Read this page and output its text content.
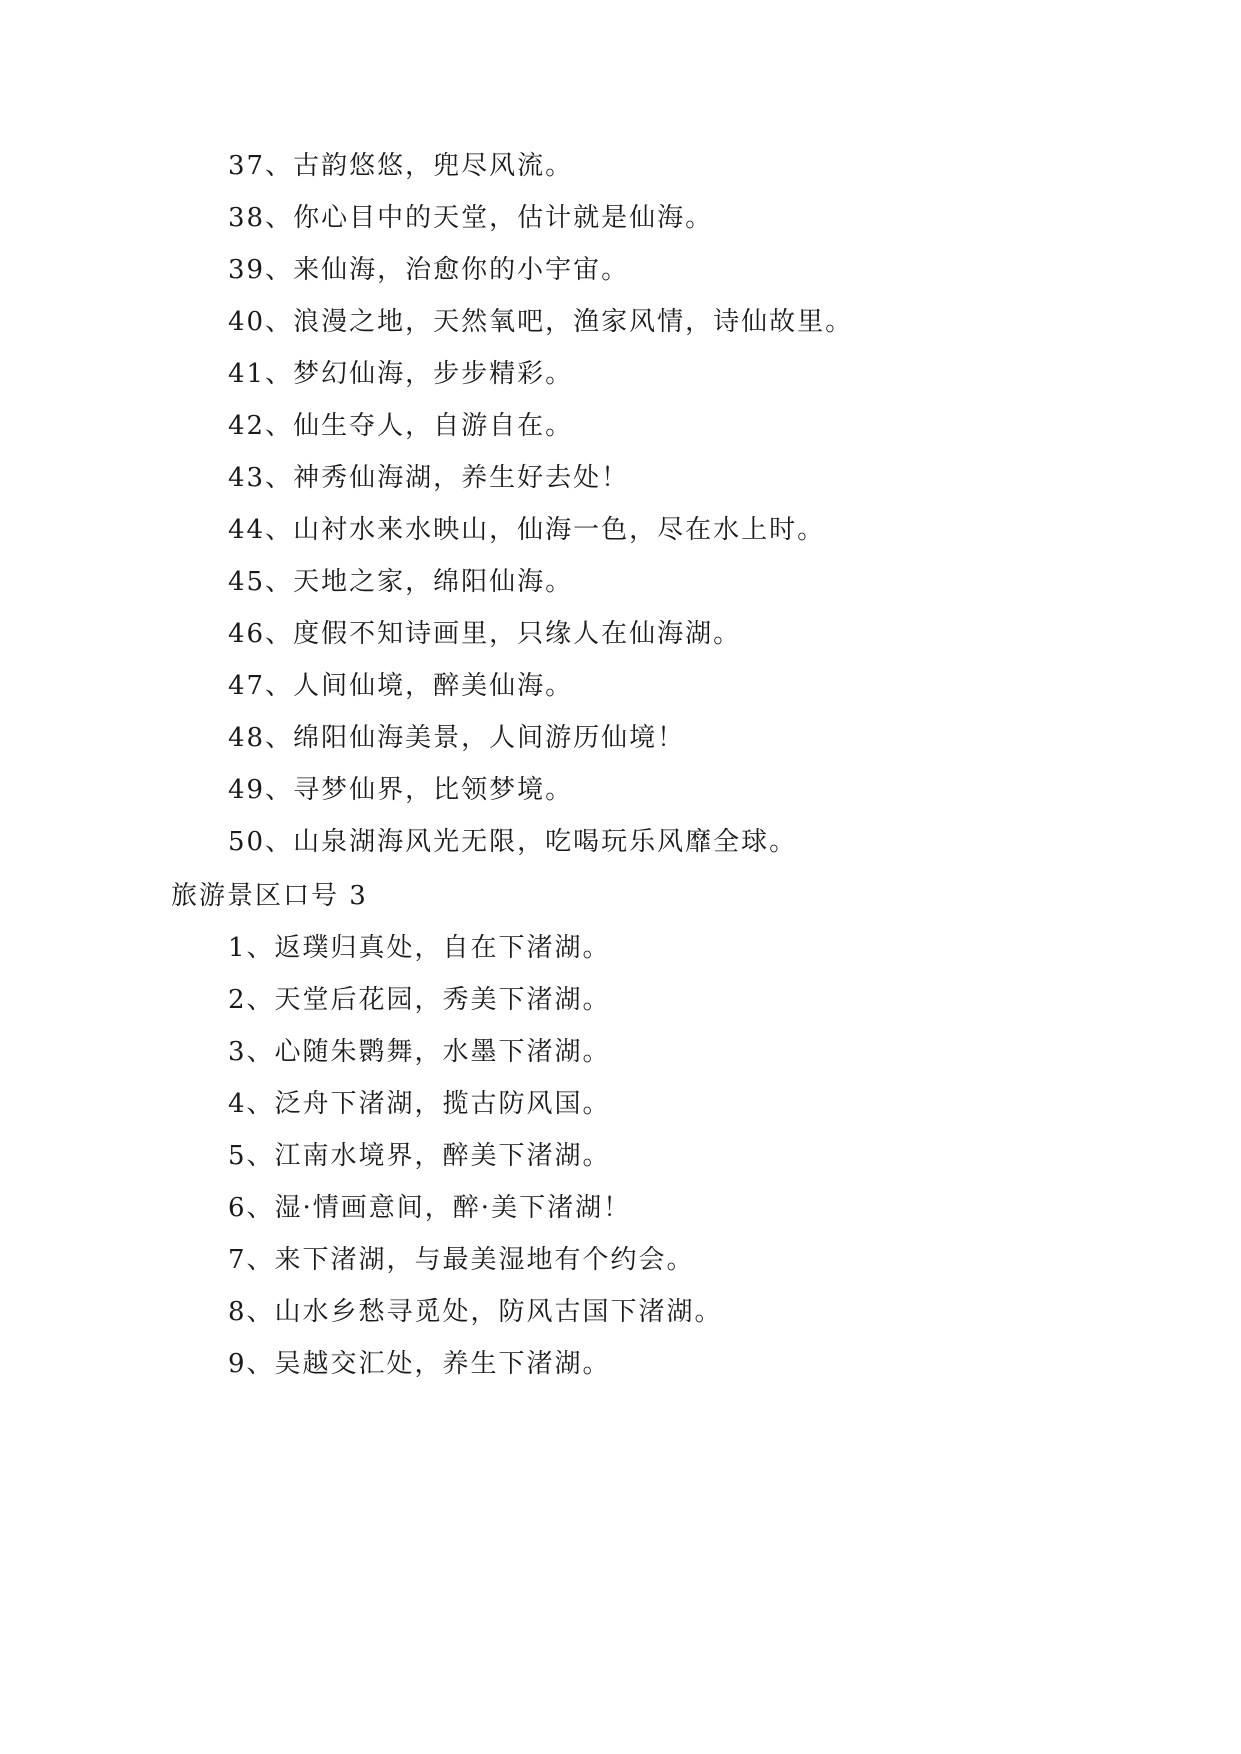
37、古韵悠悠，兜尽风流。
38、你心目中的天堂，估计就是仙海。
39、来仙海，治愈你的小宇宙。
40、浪漫之地，天然氧吧，渔家风情，诗仙故里。
41、梦幻仙海，步步精彩。
42、仙生夺人，自游自在。
43、神秀仙海湖，养生好去处！
44、山衬水来水映山，仙海一色，尽在水上时。
45、天地之家，绵阳仙海。
46、度假不知诗画里，只缘人在仙海湖。
47、人间仙境，醉美仙海。
48、绵阳仙海美景，人间游历仙境！
49、寻梦仙界，比领梦境。
50、山泉湖海风光无限，吃喝玩乐风靡全球。
旅游景区口号 3
1、返璞归真处，自在下渚湖。
2、天堂后花园，秀美下渚湖。
3、心随朱鹮舞，水墨下渚湖。
4、泛舟下渚湖，揽古防风国。
5、江南水境界，醉美下渚湖。
6、湿·情画意间，醉·美下渚湖！
7、来下渚湖，与最美湿地有个约会。
8、山水乡愁寻觅处，防风古国下渚湖。
9、吴越交汇处，养生下渚湖。
